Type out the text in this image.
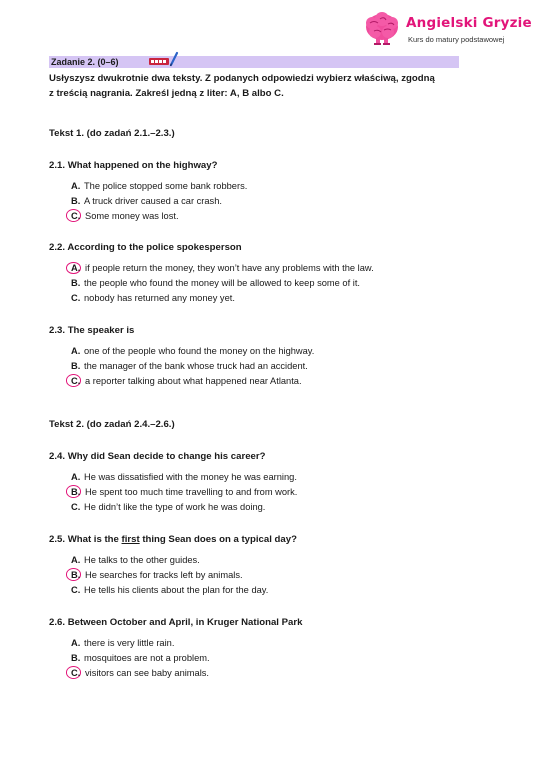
Angielski Gryzie
Kurs do matury podstawowej
Zadanie 2. (0–6)
Usłyszysz dwukrotnie dwa teksty. Z podanych odpowiedzi wybierz właściwą, zgodną
z treścią nagrania. Zakreśl jedną z liter: A, B albo C.
Tekst 1. (do zadań 2.1.–2.3.)
2.1. What happened on the highway?
A. The police stopped some bank robbers.
B. A truck driver caused a car crash.
C. Some money was lost.
2.2. According to the police spokesperson
A. if people return the money, they won’t have any problems with the law.
B. the people who found the money will be allowed to keep some of it.
C. nobody has returned any money yet.
2.3. The speaker is
A. one of the people who found the money on the highway.
B. the manager of the bank whose truck had an accident.
C. a reporter talking about what happened near Atlanta.
Tekst 2. (do zadań 2.4.–2.6.)
2.4. Why did Sean decide to change his career?
A. He was dissatisfied with the money he was earning.
B. He spent too much time travelling to and from work.
C. He didn’t like the type of work he was doing.
2.5. What is the first thing Sean does on a typical day?
A. He talks to the other guides.
B. He searches for tracks left by animals.
C. He tells his clients about the plan for the day.
2.6. Between October and April, in Kruger National Park
A. there is very little rain.
B. mosquitoes are not a problem.
C. visitors can see baby animals.
